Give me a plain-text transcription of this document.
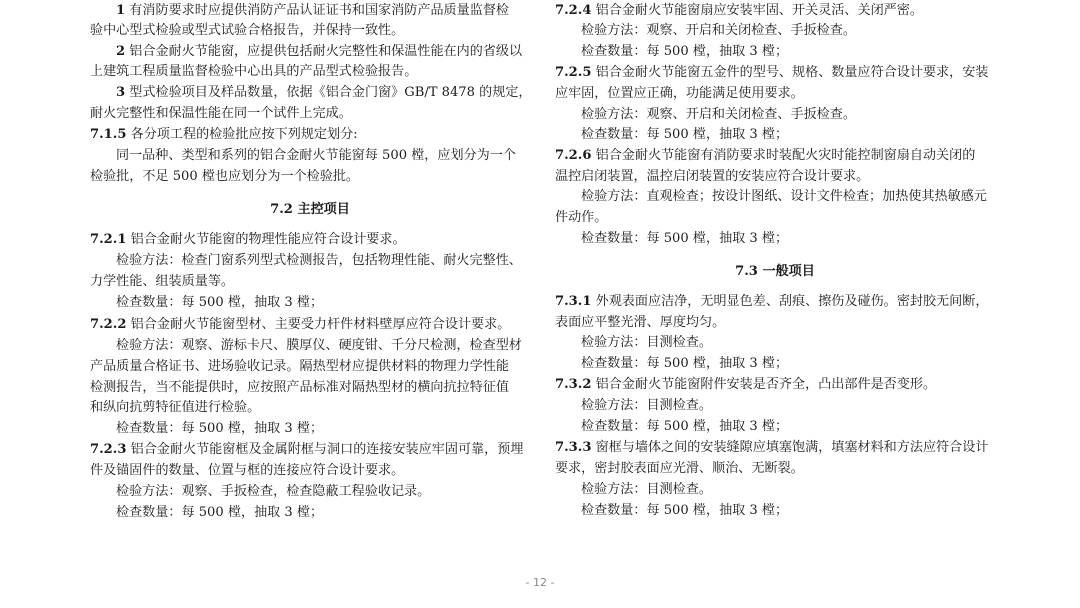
1 有消防要求时应提供消防产品认证证书和国家消防产品质量监督检
验中心型式检验或型式试验合格报告，并保持一致性。
2 铝合金耐火节能窗，应提供包括耐火完整性和保温性能在内的省级以
上建筑工程质量监督检验中心出具的产品型式检验报告。
3 型式检验项目及样品数量，依据《铝合金门窗》GB/T 8478 的规定，
耐火完整性和保温性能在同一个试件上完成。
7.1.5 各分项工程的检验批应按下列规定划分:
同一品种、类型和系列的铝合金耐火节能窗每 500 樘，应划分为一个
检验批，不足 500 樘也应划分为一个检验批。
7.2 主控项目
7.2.1 铝合金耐火节能窗的物理性能应符合设计要求。
检验方法：检查门窗系列型式检测报告，包括物理性能、耐火完整性、
力学性能、组装质量等。
检查数量：每 500 樘，抽取 3 樘；
7.2.2 铝合金耐火节能窗型材、主要受力杆件材料壁厚应符合设计要求。
检验方法：观察、游标卡尺、膜厚仪、硬度钳、千分尺检测，检查型材
产品质量合格证书、进场验收记录。隔热型材应提供材料的物理力学性能
检测报告，当不能提供时，应按照产品标准对隔热型材的横向抗拉特征值
和纵向抗剪特征值进行检验。
检查数量：每 500 樘，抽取 3 樘；
7.2.3 铝合金耐火节能窗框及金属附框与洞口的连接安装应牢固可靠，预埋
件及锚固件的数量、位置与框的连接应符合设计要求。
检验方法：观察、手扳检查，检查隐蔽工程验收记录。
检查数量：每 500 樘，抽取 3 樘；
7.2.4 铝合金耐火节能窗扇应安装牢固、开关灵活、关闭严密。
检验方法：观察、开启和关闭检查、手扳检查。
检查数量：每 500 樘，抽取 3 樘；
7.2.5 铝合金耐火节能窗五金件的型号、规格、数量应符合设计要求，安装
应牢固，位置应正确，功能满足使用要求。
检验方法：观察、开启和关闭检查、手扳检查。
检查数量：每 500 樘，抽取 3 樘；
7.2.6 铝合金耐火节能窗有消防要求时装配火灾时能控制窗扇自动关闭的
温控启闭装置，温控启闭装置的安装应符合设计要求。
检验方法：直观检查；按设计图纸、设计文件检查；加热使其热敏感元
件动作。
检查数量：每 500 樘，抽取 3 樘；
7.3 一般项目
7.3.1 外观表面应洁净，无明显色差、刮痕、擦伤及碰伤。密封胶无间断，
表面应平整光滑、厚度均匀。
检验方法：目测检查。
检查数量：每 500 樘，抽取 3 樘；
7.3.2 铝合金耐火节能窗附件安装是否齐全，凸出部件是否变形。
检验方法：目测检查。
检查数量：每 500 樘，抽取 3 樘；
7.3.3 窗框与墙体之间的安装缝隙应填塞饱满，填塞材料和方法应符合设计
要求，密封胶表面应光滑、顺治、无断裂。
检验方法：目测检查。
检查数量：每 500 樘，抽取 3 樘；
- 12 -
